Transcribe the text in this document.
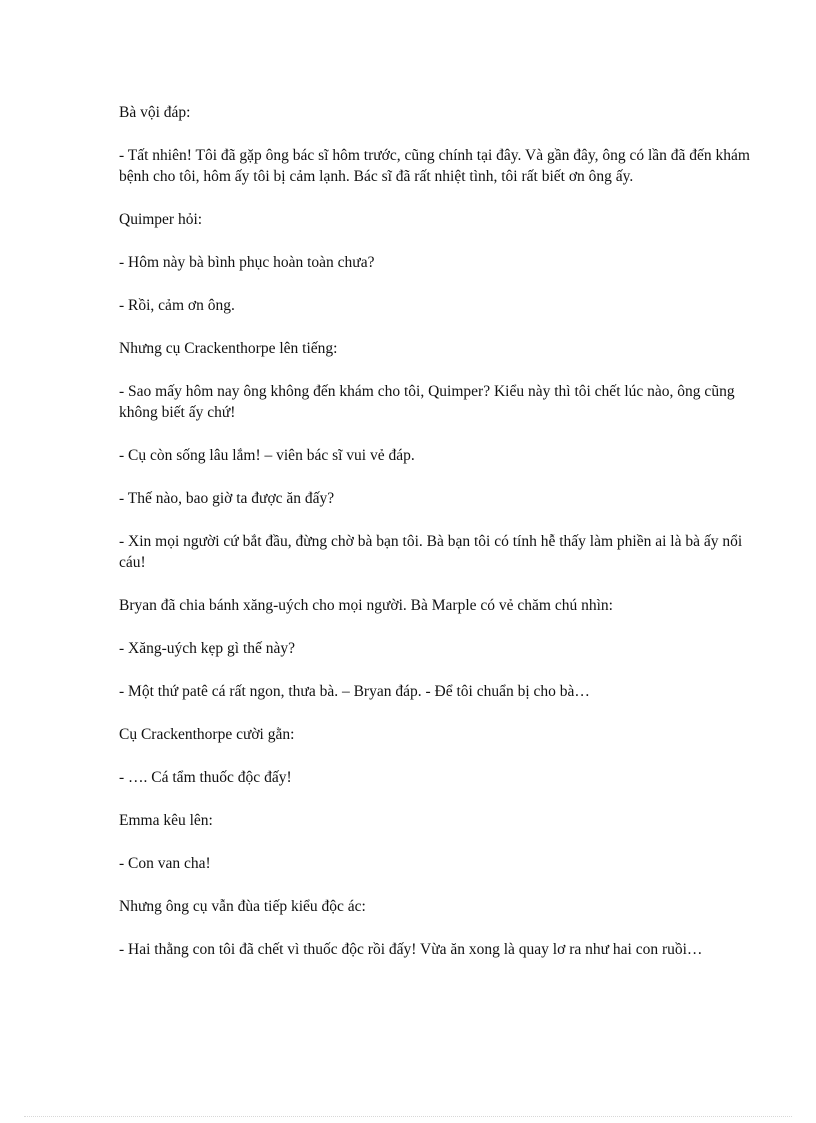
Bà vội đáp:

- Tất nhiên! Tôi đã gặp ông bác sĩ hôm trước, cũng chính tại đây. Và gần đây, ông có lần đã đến khám bệnh cho tôi, hôm ấy tôi bị cảm lạnh. Bác sĩ đã rất nhiệt tình, tôi rất biết ơn ông ấy.

Quimper hỏi:

- Hôm này bà bình phục hoàn toàn chưa?

- Rồi, cảm ơn ông.

Nhưng cụ Crackenthorpe lên tiếng:

- Sao mấy hôm nay ông không đến khám cho tôi, Quimper? Kiểu này thì tôi chết lúc nào, ông cũng không biết ấy chứ!

- Cụ còn sống lâu lắm! – viên bác sĩ vui vẻ đáp.

- Thế nào, bao giờ ta được ăn đấy?

- Xin mọi người cứ bắt đầu, đừng chờ bà bạn tôi. Bà bạn tôi có tính hễ thấy làm phiền ai là bà ấy nổi cáu!

Bryan đã chia bánh xăng-uých cho mọi người. Bà Marple có vẻ chăm chú nhìn:

- Xăng-uých kẹp gì thế này?

- Một thứ patê cá rất ngon, thưa bà. – Bryan đáp. - Để tôi chuẩn bị cho bà…

Cụ Crackenthorpe cười gằn:

- …. Cá tẩm thuốc độc đấy!

Emma kêu lên:

- Con van cha!

Nhưng ông cụ vẫn đùa tiếp kiểu độc ác:

- Hai thằng con tôi đã chết vì thuốc độc rồi đấy! Vừa ăn xong là quay lơ ra như hai con ruồi…
